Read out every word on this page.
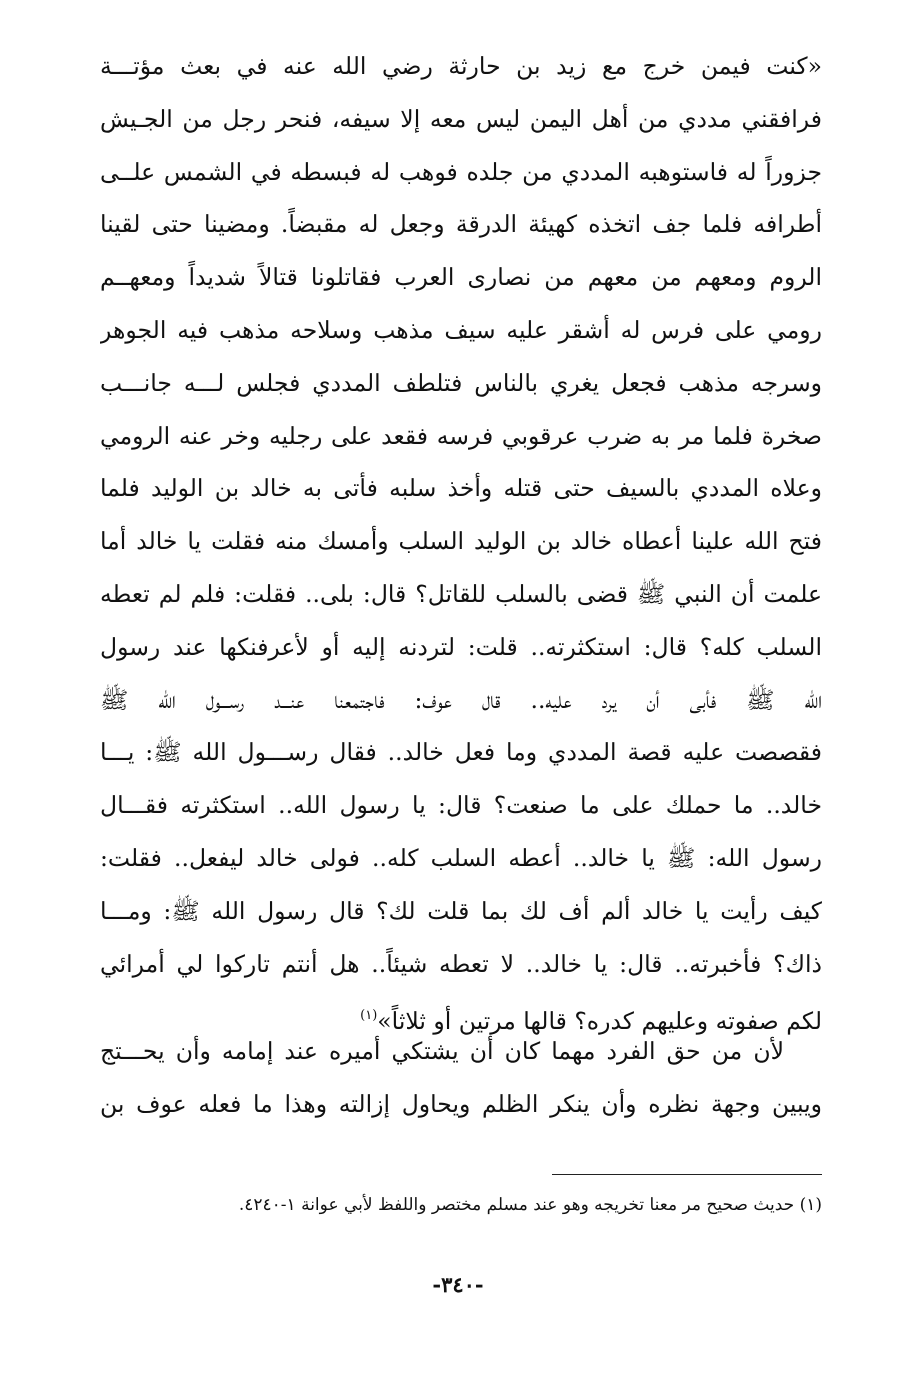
«كنت فيمن خرج مع زيد بن حارثة رضي الله عنه في بعث مؤتـــة
فرافقني مددي من أهل اليمن ليس معه إلا سيفه، فنحر رجل من الجـيش
جزوراً له فاستوهبه المددي من جلده فوهب له فبسطه في الشمس علــى
أطرافه فلما جف اتخذه كهيئة الدرقة وجعل له مقبضاً. ومضينا حتى لقينا
الروم ومعهم من معهم من نصارى العرب فقاتلونا قتالاً شديداً ومعهــم
رومي على فرس له أشقر عليه سيف مذهب وسلاحه مذهب فيه الجوهر
وسرجه مذهب فجعل يغري بالناس فتلطف المددي فجلس لـــه جانـــب
صخرة فلما مر به ضرب عرقوبي فرسه فقعد على رجليه وخر عنه الرومي
وعلاه المددي بالسيف حتى قتله وأخذ سلبه فأتى به خالد بن الوليد فلما
فتح الله علينا أعطاه خالد بن الوليد السلب وأمسك منه فقلت يا خالد أما
علمت أن النبي ﷺ قضى بالسلب للقاتل؟ قال: بلى.. فقلت: فلم لم تعطه
السلب كله؟ قال: استكثرته.. قلت: لتردنه إليه أو لأعرفنكها عند رسول
الله ﷺ فأبى أن يرد عليه.. قال عوف: فاجتمعنا عنـــد رســـول الله ﷺ
فقصصت عليه قصة المددي وما فعل خالد.. فقال رســـول الله ﷺ: يـــا
خالد.. ما حملك على ما صنعت؟ قال: يا رسول الله.. استكثرته فقـــال
رسول الله: ﷺ يا خالد.. أعطه السلب كله.. فولى خالد ليفعل.. فقلت:
كيف رأيت يا خالد ألم أف لك بما قلت لك؟ قال رسول الله ﷺ: ومـــا
ذاك؟ فأخبرته.. قال: يا خالد.. لا تعطه شيئاً.. هل أنتم تاركوا لي أمرائي
لكم صفوته وعليهم كدره؟ قالها مرتين أو ثلاثاً»$^{(١)}$
لأن من حق الفرد مهما كان أن يشتكي أميره عند إمامه وأن يحـــتج
ويبين وجهة نظره وأن ينكر الظلم ويحاول إزالته وهذا ما فعله عوف بن
(١) حديث صحيح مر معنا تخريجه وهو عند مسلم مختصر واللفظ لأبي عوانة ١-٤٢٤٠.
-٣٤٠-
